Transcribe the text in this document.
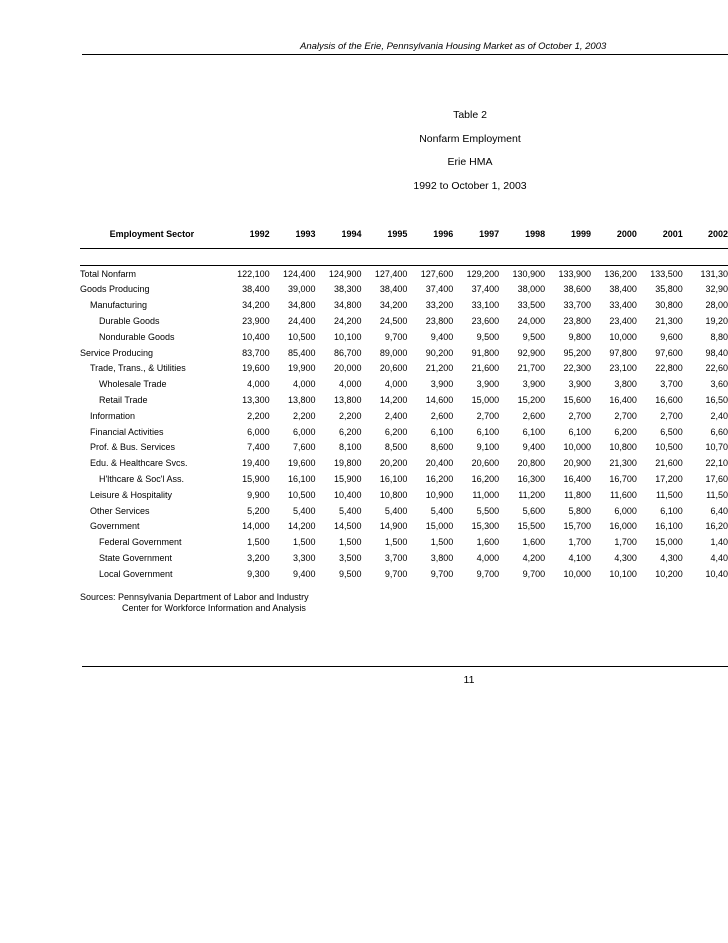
Analysis of the Erie, Pennsylvania Housing Market as of October 1, 2003
Table 2
Nonfarm Employment
Erie HMA
1992 to October 1, 2003
Employment Sector	1992	1993	1994	1995	1996	1997	1998	1999	2000	2001	2002

Total Nonfarm	122,100	124,400	124,900	127,400	127,600	129,200	130,900	133,900	136,200	133,500	131,30
Goods Producing	38,400	39,000	38,300	38,400	37,400	37,400	38,000	38,600	38,400	35,800	32,90
Manufacturing	34,200	34,800	34,800	34,200	33,200	33,100	33,500	33,700	33,400	30,800	28,00
Durable Goods	23,900	24,400	24,200	24,500	23,800	23,600	24,000	23,800	23,400	21,300	19,20
Nondurable Goods	10,400	10,500	10,100	9,700	9,400	9,500	9,500	9,800	10,000	9,600	8,80
Service Producing	83,700	85,400	86,700	89,000	90,200	91,800	92,900	95,200	97,800	97,600	98,40
Trade, Trans., & Utilities	19,600	19,900	20,000	20,600	21,200	21,600	21,700	22,300	23,100	22,800	22,60
Wholesale Trade	4,000	4,000	4,000	4,000	3,900	3,900	3,900	3,900	3,800	3,700	3,60
Retail Trade	13,300	13,800	13,800	14,200	14,600	15,000	15,200	15,600	16,400	16,600	16,50
Information	2,200	2,200	2,200	2,400	2,600	2,700	2,600	2,700	2,700	2,700	2,40
Financial Activities	6,000	6,000	6,200	6,200	6,100	6,100	6,100	6,100	6,200	6,500	6,60
Prof. & Bus. Services	7,400	7,600	8,100	8,500	8,600	9,100	9,400	10,000	10,800	10,500	10,70
Edu. & Healthcare Svcs.	19,400	19,600	19,800	20,200	20,400	20,600	20,800	20,900	21,300	21,600	22,10
H'lthcare & Soc'l Ass.	15,900	16,100	15,900	16,100	16,200	16,200	16,300	16,400	16,700	17,200	17,60
Leisure & Hospitality	9,900	10,500	10,400	10,800	10,900	11,000	11,200	11,800	11,600	11,500	11,50
Other Services	5,200	5,400	5,400	5,400	5,400	5,500	5,600	5,800	6,000	6,100	6,40
Government	14,000	14,200	14,500	14,900	15,000	15,300	15,500	15,700	16,000	16,100	16,20
Federal Government	1,500	1,500	1,500	1,500	1,500	1,600	1,600	1,700	1,700	15,000	1,40
State Government	3,200	3,300	3,500	3,700	3,800	4,000	4,200	4,100	4,300	4,300	4,40
Local Government	9,300	9,400	9,500	9,700	9,700	9,700	9,700	10,000	10,100	10,200	10,40
Sources: Pennsylvania Department of Labor and Industry
Center for Workforce Information and Analysis
11
